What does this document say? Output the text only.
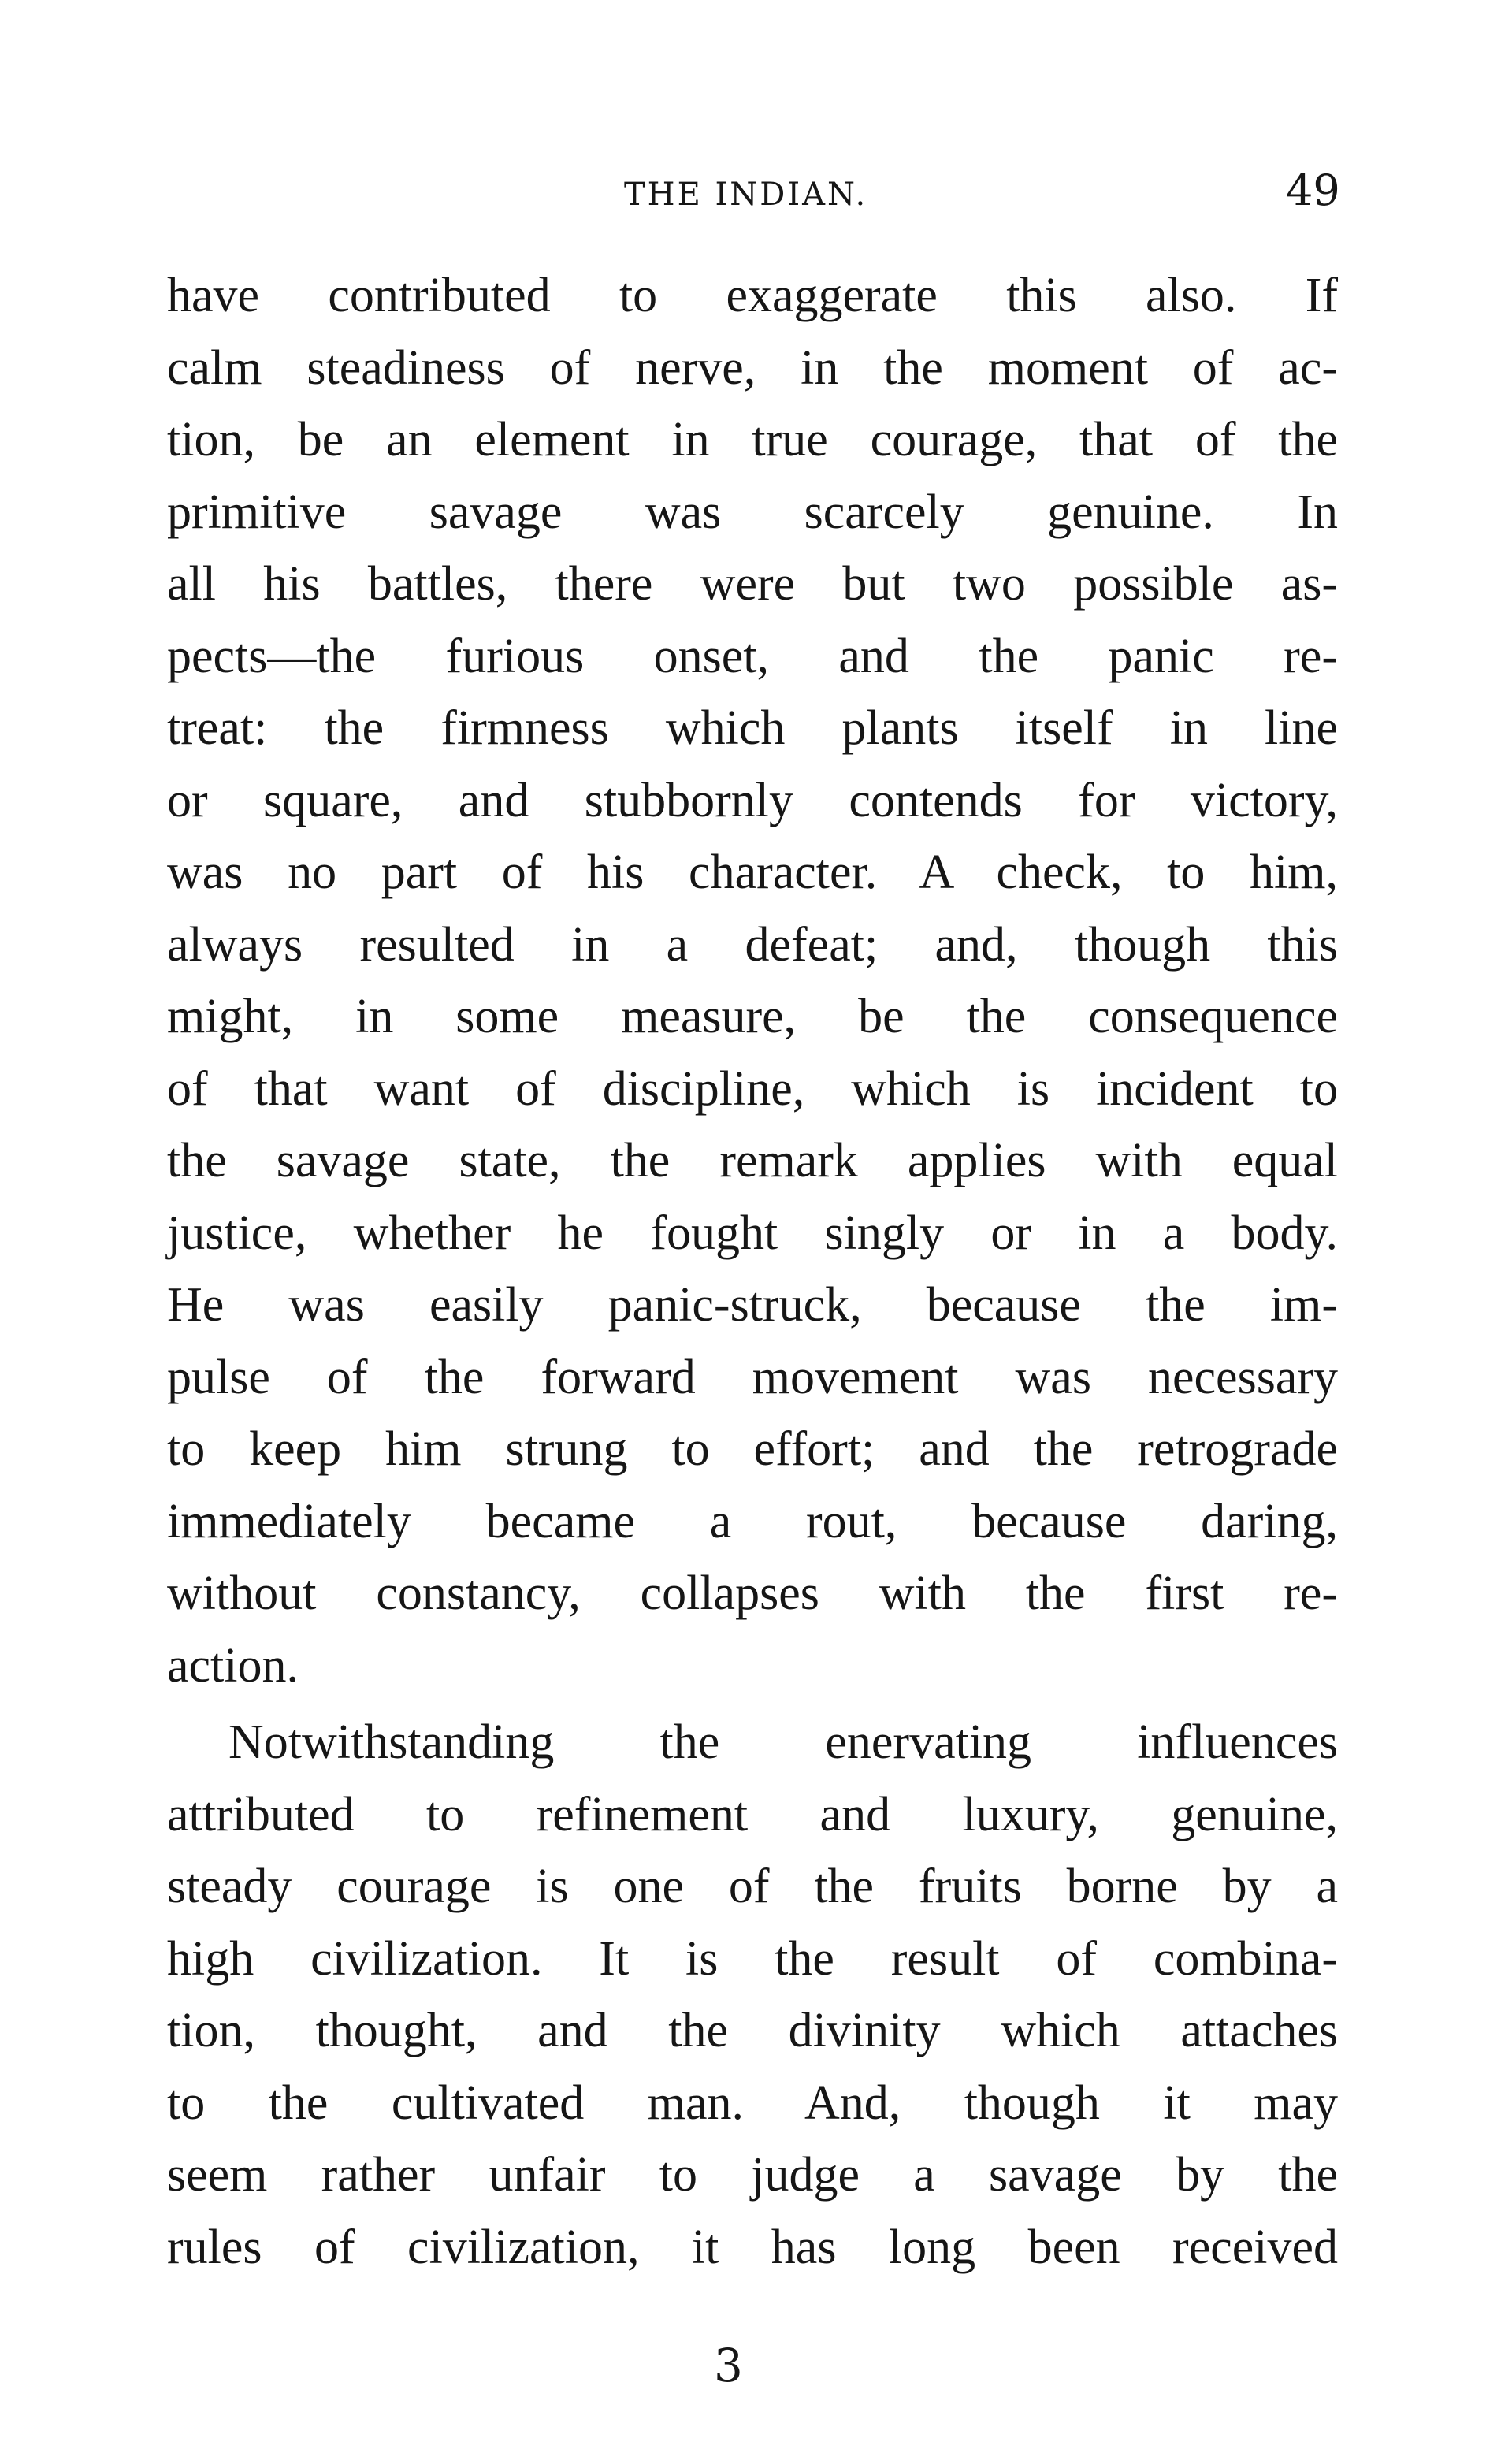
THE INDIAN.	49
have contributed to exaggerate this also. If
calm steadiness of nerve, in the moment of ac-
tion, be an element in true courage, that of the
primitive savage was scarcely genuine. In
all his battles, there were but two possible as-
pects—the furious onset, and the panic re-
treat: the firmness which plants itself in line
or square, and stubbornly contends for victory,
was no part of his character. A check, to him,
always resulted in a defeat; and, though this
might, in some measure, be the consequence
of that want of discipline, which is incident to
the savage state, the remark applies with equal
justice, whether he fought singly or in a body.
He was easily panic-struck, because the im-
pulse of the forward movement was necessary
to keep him strung to effort; and the retrograde
immediately became a rout, because daring,
without constancy, collapses with the first re-
action.
Notwithstanding the enervating influences
attributed to refinement and luxury, genuine,
steady courage is one of the fruits borne by a
high civilization. It is the result of combina-
tion, thought, and the divinity which attaches
to the cultivated man. And, though it may
seem rather unfair to judge a savage by the
rules of civilization, it has long been received
3
